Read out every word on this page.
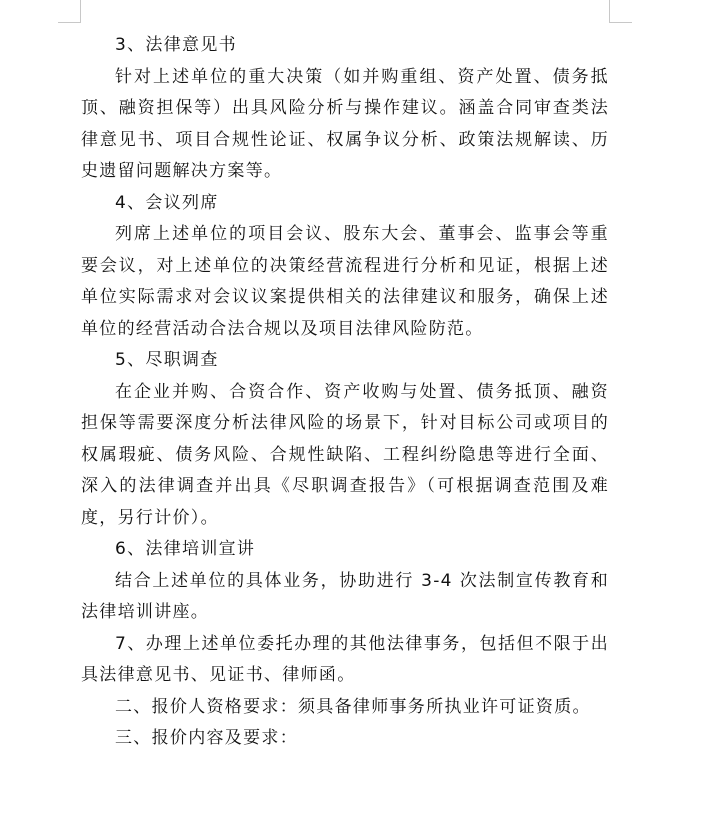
3、法律意见书

针对上述单位的重大决策（如并购重组、资产处置、债务抵顶、融资担保等）出具风险分析与操作建议。涵盖合同审查类法律意见书、项目合规性论证、权属争议分析、政策法规解读、历史遗留问题解决方案等。

4、会议列席

列席上述单位的项目会议、股东大会、董事会、监事会等重要会议，对上述单位的决策经营流程进行分析和见证，根据上述单位实际需求对会议议案提供相关的法律建议和服务，确保上述单位的经营活动合法合规以及项目法律风险防范。

5、尽职调查

在企业并购、合资合作、资产收购与处置、债务抵顶、融资担保等需要深度分析法律风险的场景下，针对目标公司或项目的权属瑕疵、债务风险、合规性缺陷、工程纠纷隐患等进行全面、深入的法律调查并出具《尽职调查报告》（可根据调查范围及难度，另行计价）。

6、法律培训宣讲

结合上述单位的具体业务，协助进行 3-4 次法制宣传教育和法律培训讲座。

7、办理上述单位委托办理的其他法律事务，包括但不限于出具法律意见书、见证书、律师函。

二、报价人资格要求：须具备律师事务所执业许可证资质。

三、报价内容及要求：
